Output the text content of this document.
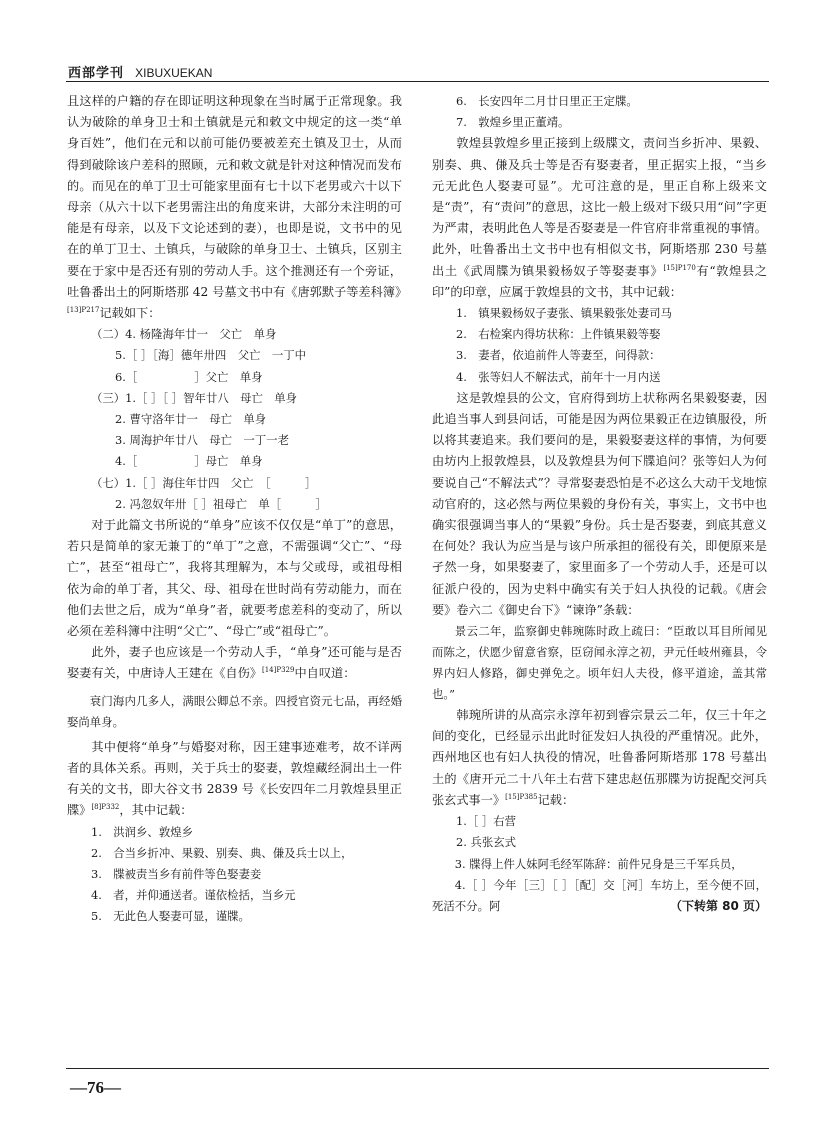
西部学刊 XIBUXUEKAN

且这样的户籍的存在即证明这种现象在当时属于正常现象。我认为破除的单身卫士和土镇就是元和敕文中规定的这一类“单身百姓”，他们在元和以前可能仍要被差充土镇及卫士，从而得到破除该户差科的照顾，元和敕文就是针对这种情况而发布的。而见在的单丁卫士可能家里面有七十以下老男或六十以下母亲（从六十以下老男需注出的角度来讲，大部分未注明的可能是有母亲，以及下文论述到的妻），也即是说，文书中的见在的单丁卫士、土镇兵，与破除的单身卫士、土镇兵，区别主要在于家中是否还有别的劳动人手。这个推测还有一个旁证，吐鲁番出土的阿斯塔那 42 号墓文书中有《唐郭默子等差科簿》$^{[13]P217}$记载如下：

（二）4. 杨隆海年廿一　父亡　单身

5.［ ］［海］德年卅四　父亡　一丁中

6.［　　　　　］父亡　单身

（三）1.［ ］［ ］智年廿八　母亡　单身

2. 曹守洛年廿一　母亡　单身

3. 周海护年廿八　母亡　一丁一老

4.［　　　　　］母亡　单身

（七）1.［ ］海住年廿四　父亡　［　　　］

2. 冯忽奴年卅［ ］祖母亡　单［　　　］

对于此篇文书所说的“单身”应该不仅仅是“单丁”的意思，若只是简单的家无兼丁的“单丁”之意，不需强调“父亡”、“母亡”，甚至“祖母亡”，我将其理解为，本与父或母，或祖母相依为命的单丁者，其父、母、祖母在世时尚有劳动能力，而在他们去世之后，成为“单身”者，就要考虑差科的变动了，所以必须在差科簿中注明“父亡”、“母亡”或“祖母亡”。

此外，妻子也应该是一个劳动人手，“单身”还可能与是否娶妻有关，中唐诗人王建在《自伤》$^{[14]P329}$中自叹道：

衰门海内几多人，满眼公卿总不亲。四授官资元七品，再经婚娶尚单身。

其中便将“单身”与婚娶对称，因王建事迹难考，故不详两者的具体关系。再则，关于兵士的娶妻，敦煌藏经洞出土一件有关的文书，即大谷文书 2839 号《长安四年二月敦煌县里正牒》$^{[8]P332}$，其中记载：

1.　洪润乡、敦煌乡

2.　合当乡折冲、果毅、别奏、典、傔及兵士以上，

3.　牒被责当乡有前件等色娶妻妾

4.　者，并仰通送者。谨依检括，当乡元

5.　无此色人娶妻可显，谨牒。

6.　长安四年二月廿日里正王定牒。

7.　敦煌乡里正董靖。

敦煌县敦煌乡里正接到上级牒文，责问当乡折冲、果毅、别奏、典、傔及兵士等是否有娶妻者，里正据实上报，“当乡元无此色人娶妻可显”。尤可注意的是，里正自称上级来文是“责”，有“责问”的意思，这比一般上级对下级只用“问”字更为严肃，表明此色人等是否娶妻是一件官府非常重视的事情。此外，吐鲁番出土文书中也有相似文书，阿斯塔那 230 号墓出土《武周牒为镇果毅杨奴子等娶妻事》$^{[15]P170}$有“敦煌县之印”的印章，应属于敦煌县的文书，其中记载：

1.　镇果毅杨奴子妻张、镇果毅张处妻司马

2.　右检案内得坊状称：上件镇果毅等娶

3.　妻者，依追前件人等妻至，问得款：

4.　张等妇人不解法式，前年十一月内送

这是敦煌县的公文，官府得到坊上状称两名果毅娶妻，因此追当事人到县问话，可能是因为两位果毅正在边镇服役，所以将其妻追来。我们要问的是，果毅娶妻这样的事情，为何要由坊内上报敦煌县，以及敦煌县为何下牒追问？张等妇人为何要说自己“不解法式”？寻常娶妻恐怕是不必这么大动干戈地惊动官府的，这必然与两位果毅的身份有关，事实上，文书中也确实很强调当事人的“果毅”身份。兵士是否娶妻，到底其意义在何处？我认为应当是与该户所承担的徭役有关，即便原来是孑然一身，如果娶妻了，家里面多了一个劳动人手，还是可以征派户役的，因为史料中确实有关于妇人执役的记载。《唐会要》卷六二《御史台下》“谏诤”条载：

景云二年，监察御史韩琬陈时政上疏曰：“臣敢以耳目所闻见而陈之，伏愿少留意省察，臣窃闻永淳之初，尹元任岐州雍县，令界内妇人修路，御史弹免之。顷年妇人夫役，修平道途，盖其常也。”

韩琬所讲的从高宗永淳年初到睿宗景云二年，仅三十年之间的变化，已经显示出此时征发妇人执役的严重情况。此外，西州地区也有妇人执役的情况，吐鲁番阿斯塔那 178 号墓出土的《唐开元二十八年土右营下建忠赵伍那牒为访捉配交河兵张玄式事一》$^{[15]P385}$记载：

1.［ ］右营

2. 兵张玄式

3. 牒得上件人妹阿毛经军陈辞：前件兄身是三千军兵员，

4.［ ］今年［三］［ ］［配］交［河］车坊上，至今便不回，死活不分。阿	（下转第 80 页）

—76—
